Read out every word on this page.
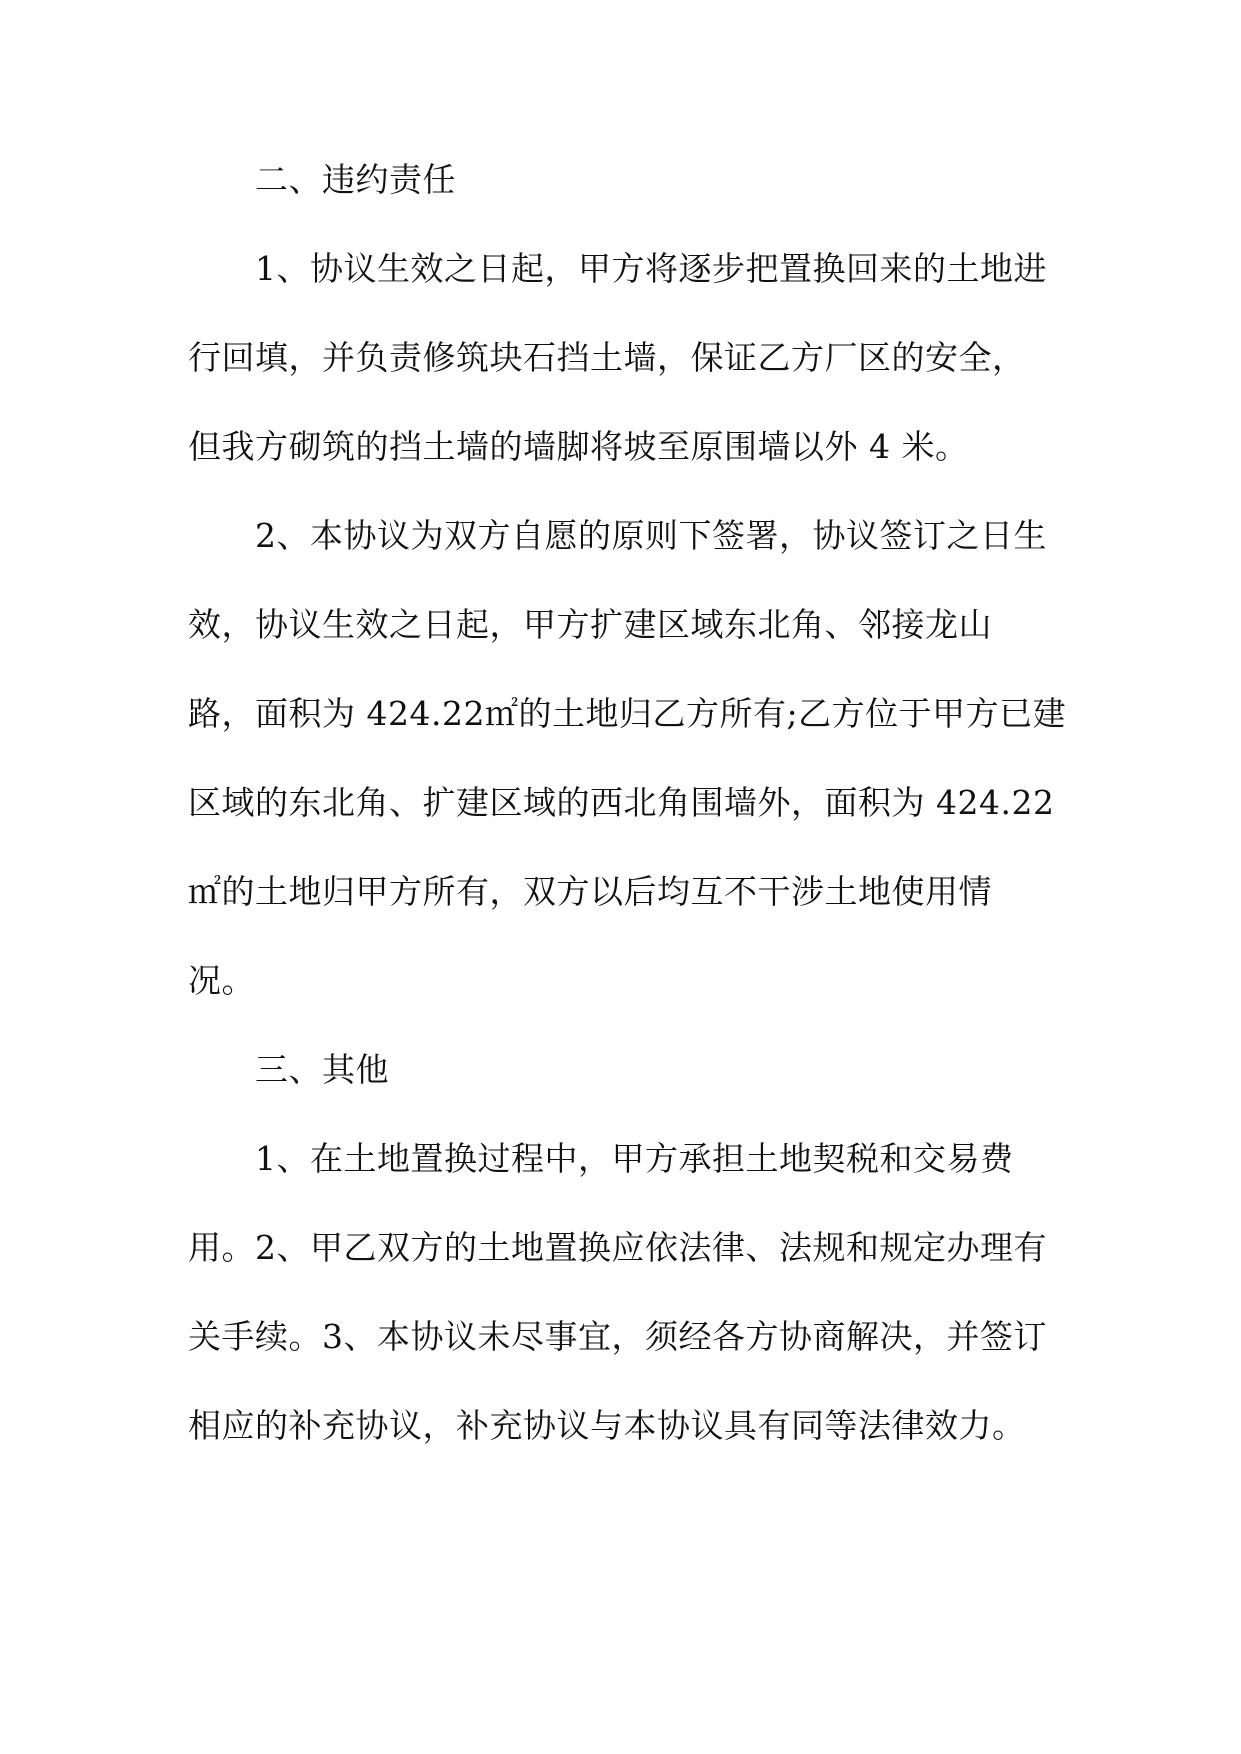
二、违约责任
1、协议生效之日起，甲方将逐步把置换回来的土地进
行回填，并负责修筑块石挡土墙，保证乙方厂区的安全，
但我方砌筑的挡土墙的墙脚将坡至原围墙以外 4 米。
2、本协议为双方自愿的原则下签署，协议签订之日生
效，协议生效之日起，甲方扩建区域东北角、邻接龙山
路，面积为 424.22㎡的土地归乙方所有;乙方位于甲方已建
区域的东北角、扩建区域的西北角围墙外，面积为 424.22
㎡的土地归甲方所有，双方以后均互不干涉土地使用情
况。
三、其他
1、在土地置换过程中，甲方承担土地契税和交易费
用。2、甲乙双方的土地置换应依法律、法规和规定办理有
关手续。3、本协议未尽事宜，须经各方协商解决，并签订
相应的补充协议，补充协议与本协议具有同等法律效力。
